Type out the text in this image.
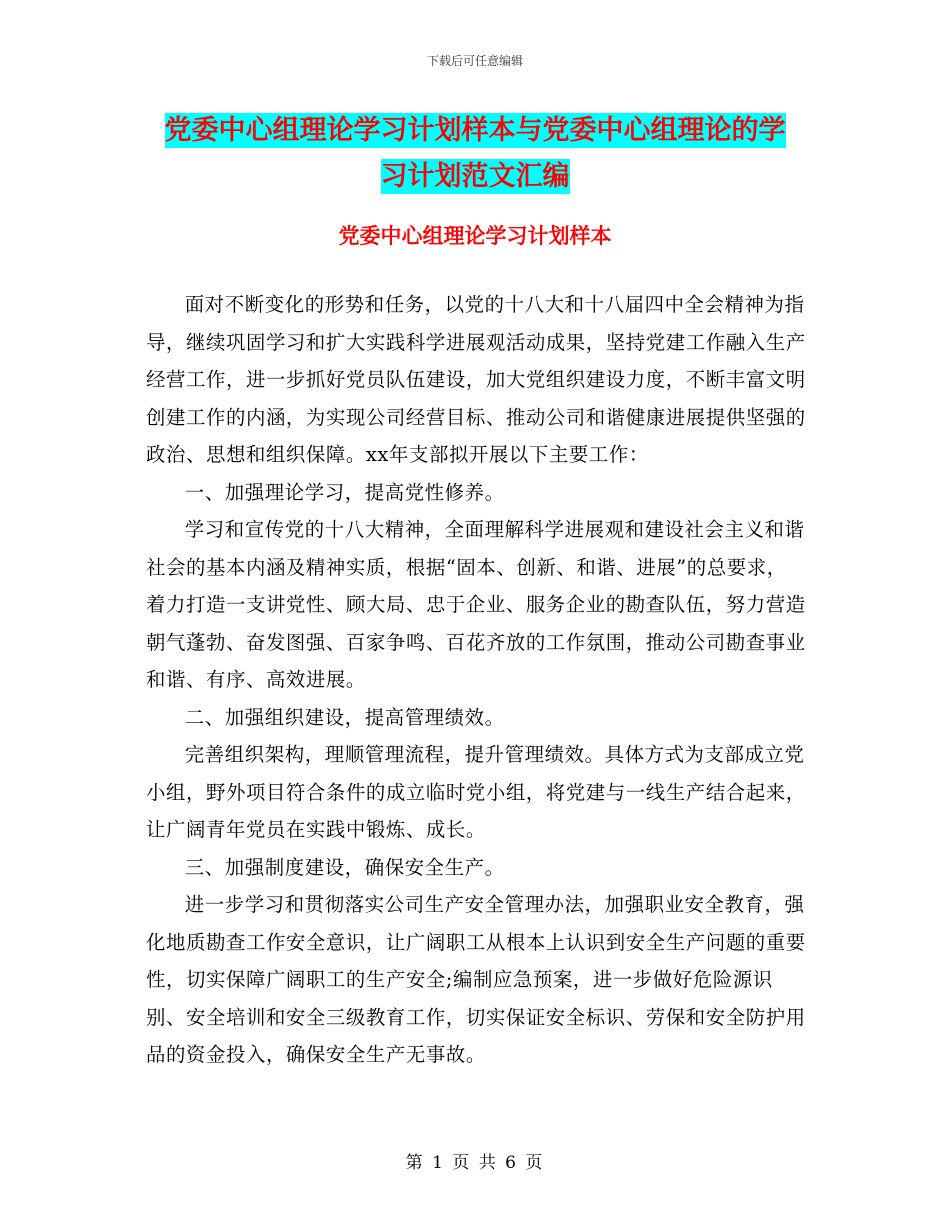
下载后可任意编辑
党委中心组理论学习计划样本与党委中心组理论的学
习计划范文汇编
党委中心组理论学习计划样本

面对不断变化的形势和任务，以党的十八大和十八届四中全会精神为指导，继续巩固学习和扩大实践科学进展观活动成果，坚持党建工作融入生产经营工作，进一步抓好党员队伍建设，加大党组织建设力度，不断丰富文明创建工作的内涵，为实现公司经营目标、推动公司和谐健康进展提供坚强的政治、思想和组织保障。xx年支部拟开展以下主要工作：

一、加强理论学习，提高党性修养。

学习和宣传党的十八大精神，全面理解科学进展观和建设社会主义和谐社会的基本内涵及精神实质，根据“固本、创新、和谐、进展”的总要求，着力打造一支讲党性、顾大局、忠于企业、服务企业的勘查队伍，努力营造朝气蓬勃、奋发图强、百家争鸣、百花齐放的工作氛围，推动公司勘查事业和谐、有序、高效进展。

二、加强组织建设，提高管理绩效。

完善组织架构，理顺管理流程，提升管理绩效。具体方式为支部成立党小组，野外项目符合条件的成立临时党小组，将党建与一线生产结合起来，让广阔青年党员在实践中锻炼、成长。

三、加强制度建设，确保安全生产。

进一步学习和贯彻落实公司生产安全管理办法，加强职业安全教育，强化地质勘查工作安全意识，让广阔职工从根本上认识到安全生产问题的重要性，切实保障广阔职工的生产安全;编制应急预案，进一步做好危险源识别、安全培训和安全三级教育工作，切实保证安全标识、劳保和安全防护用品的资金投入，确保安全生产无事故。

第 1 页 共 6 页
